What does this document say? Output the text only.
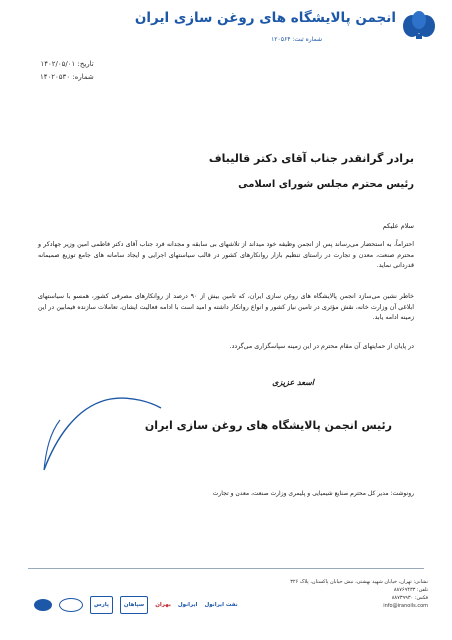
انجمن پالایشگاه های روغن سازی ایران
شماره ثبت: ۱۲۰۵۶۴
تاریخ: ۱۴۰۲/۰۵/۰۱
شماره: ۱۴۰۲۰۵۳۰
برادر گرانقدر جناب آقای دکتر قالیباف
رئیس محترم مجلس شورای اسلامی
سلام علیکم

احتراماً، به استحضار می‌رساند پس از انجمن وظیفه خود میداند از تلاشهای بی سابقه و مجدانه فرد جناب آقای دکتر فاطمی امین وزیر جهادکر و محترم صنعت، معدن و تجارت در راستای تنظیم بازار روانکارهای کشور در قالب سیاستهای اجرایی و ایجاد سامانه های جامع توزیع صمیمانه قدردانی نماید.

خاطر نشین می‌سازد انجمن پالایشگاه های روغن سازی ایران، که تامین بیش از ۹۰ درصد از روانکارهای مصرفی کشور، همسو با سیاستهای ابلاغی آن وزارت خانه، نقش مؤثری در تامین نیاز کشور و انواع روانکار داشته و امید است با ادامه فعالیت ایشان، تعاملات سازنده فیمابین در این زمینه ادامه یابد.

در پایان از حمایتهای آن مقام محترم در این زمینه سپاسگزاری می‌گردد.

اسعد عزیزی
رئیس انجمن پالایشگاه های روغن سازی ایران
رونوشت: مدیر کل محترم صنایع شیمیایی و پلیمری وزارت صنعت، معدن و تجارت
نشانی: تهران، خیابان شهید بهشتی، نبش خیابان پاکستان، پلاک ۳۲۶
تلفن: ۸۸۷۶۹۴۳۳
فکس: ۸۸۷۳۹۹۳۰
info@iranoils.com
پارس	سپاهان	بهران ایرانول نفت ایرانول
